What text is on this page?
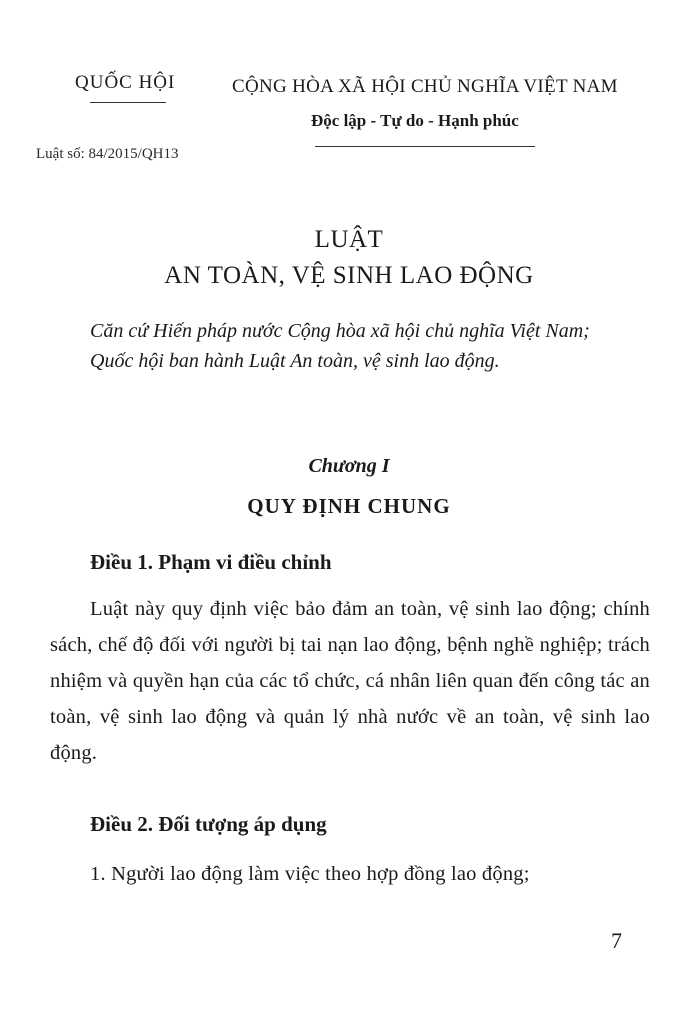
QUỐC HỘI	CỘNG HÒA XÃ HỘI CHỦ NGHĨA VIỆT NAM
Độc lập - Tự do - Hạnh phúc
Luật số: 84/2015/QH13
LUẬT
AN TOÀN, VỆ SINH LAO ĐỘNG

Căn cứ Hiến pháp nước Cộng hòa xã hội chủ nghĩa Việt Nam;

Quốc hội ban hành Luật An toàn, vệ sinh lao động.

Chương I
QUY ĐỊNH CHUNG
Điều 1. Phạm vi điều chỉnh

Luật này quy định việc bảo đảm an toàn, vệ sinh lao động; chính sách, chế độ đối với người bị tai nạn lao động, bệnh nghề nghiệp; trách nhiệm và quyền hạn của các tổ chức, cá nhân liên quan đến công tác an toàn, vệ sinh lao động và quản lý nhà nước về an toàn, vệ sinh lao động.

Điều 2. Đối tượng áp dụng

1. Người lao động làm việc theo hợp đồng lao động;

7
